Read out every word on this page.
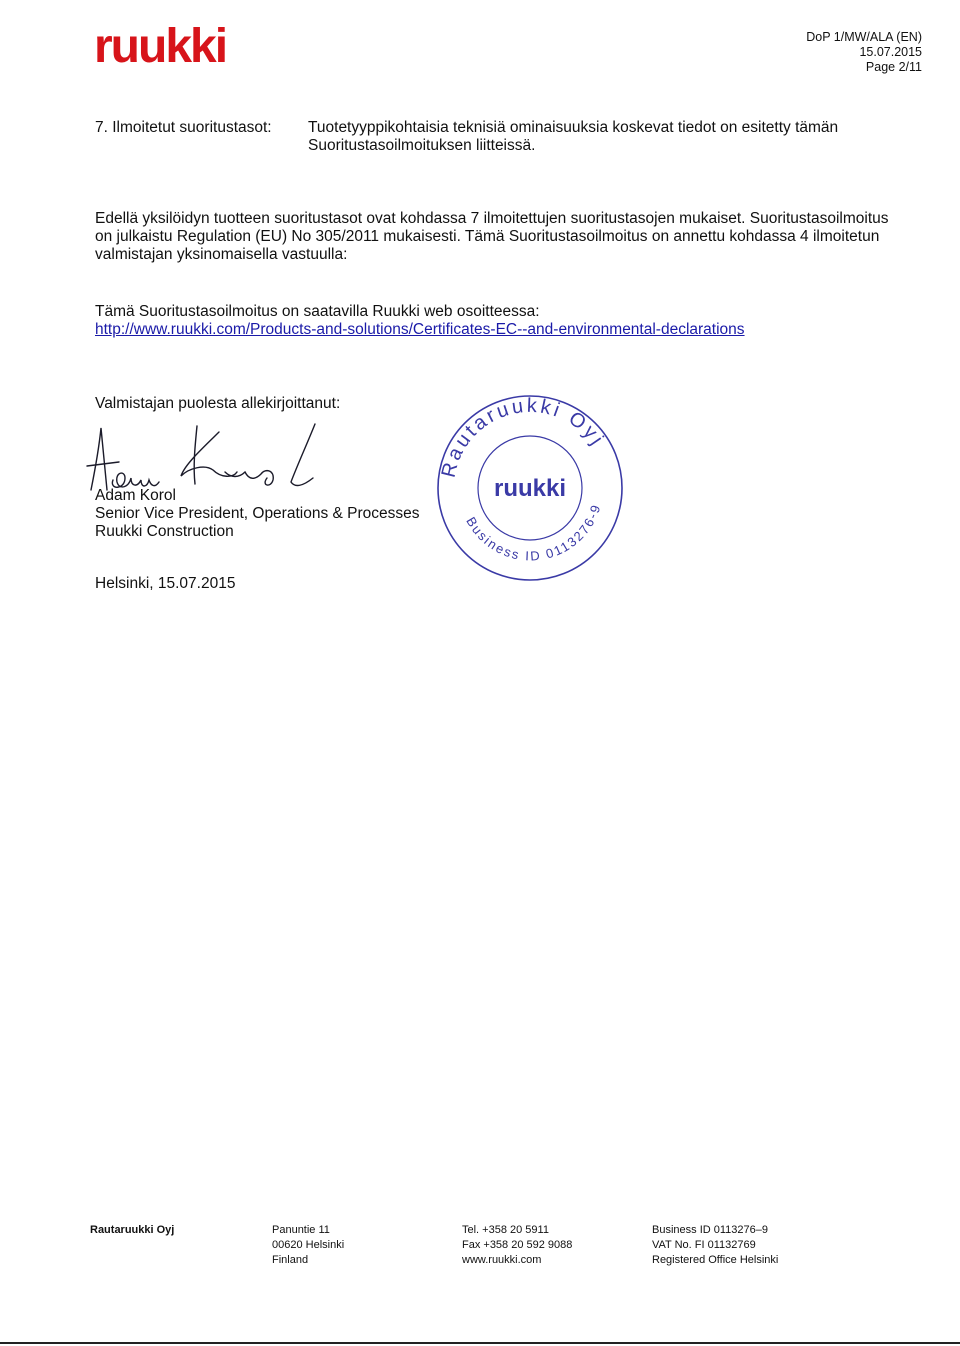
ruukki	DoP 1/MW/ALA (EN)
15.07.2015
Page 2/11
7. Ilmoitetut suoritustasot: Tuotetyyppikohtaisia teknisiä ominaisuuksia koskevat tiedot on esitetty tämän
Suoritustasoilmoituksen liitteissä.
Edellä yksilöidyn tuotteen suoritustasot ovat kohdassa 7 ilmoitettujen suoritustasojen mukaiset. Suoritustasoilmoitus
on julkaistu Regulation (EU) No 305/2011 mukaisesti. Tämä Suoritustasoilmoitus on annettu kohdassa 4 ilmoitetun
valmistajan yksinomaisella vastuulla:
Tämä Suoritustasoilmoitus on saatavilla Ruukki web osoitteessa:
http://www.ruukki.com/Products-and-solutions/Certificates-EC--and-environmental-declarations
Valmistajan puolesta allekirjoittanut:
Adam Korol
Senior Vice President, Operations & Processes
Ruukki Construction
Helsinki, 15.07.2015
Rautaruukki Oyj
Business ID 0113276-9
ruukki
Rautaruukki Oyj	Panuntie 11
00620 Helsinki
Finland
Tel. +358 20 5911
Fax +358 20 592 9088
www.ruukki.com
Business ID 0113276–9
VAT No. FI 01132769
Registered Office Helsinki
